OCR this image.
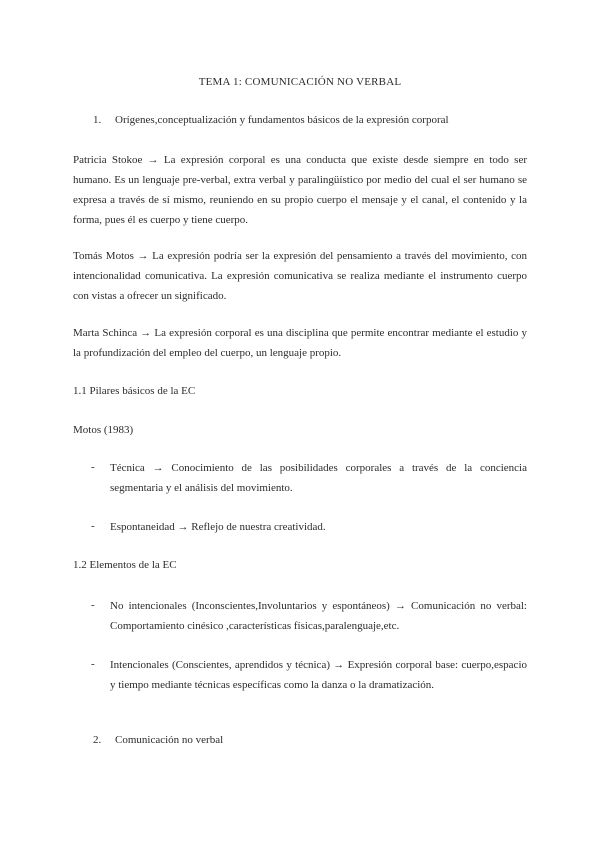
TEMA 1: COMUNICACIÓN NO VERBAL
1. Orígenes,conceptualización y fundamentos básicos de la expresión corporal
Patricia Stokoe → La expresión corporal es una conducta que existe desde siempre en todo ser humano. Es un lenguaje pre-verbal, extra verbal y paralingüístico por medio del cual el ser humano se expresa a través de sí mismo, reuniendo en su propio cuerpo el mensaje y el canal, el contenido y la forma, pues él es cuerpo y tiene cuerpo.
Tomás Motos → La expresión podría ser la expresión del pensamiento a través del movimiento, con intencionalidad comunicativa. La expresión comunicativa se realiza mediante el instrumento cuerpo con vistas a ofrecer un significado.
Marta Schinca → La expresión corporal es una disciplina que permite encontrar mediante el estudio y la profundización del empleo del cuerpo, un lenguaje propio.
1.1 Pilares básicos de la EC
Motos (1983)
- Técnica → Conocimiento de las posibilidades corporales a través de la conciencia segmentaria y el análisis del movimiento.
- Espontaneidad → Reflejo de nuestra creatividad.
1.2 Elementos de la EC
- No intencionales (Inconscientes,Involuntarios y espontáneos) → Comunicación no verbal: Comportamiento cinésico ,características físicas,paralenguaje,etc.
- Intencionales (Conscientes, aprendidos y técnica) → Expresión corporal base: cuerpo,espacio y tiempo mediante técnicas específicas como la danza o la dramatización.
2. Comunicación no verbal
